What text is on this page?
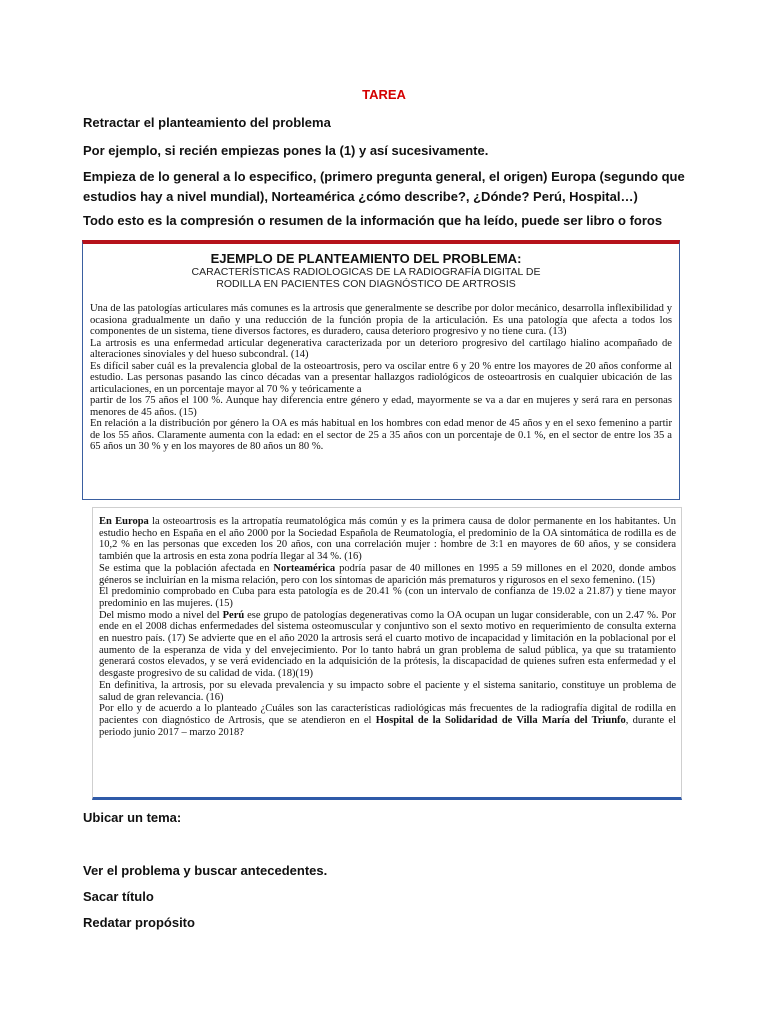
TAREA
Retractar el planteamiento del problema
Por ejemplo, si recién empiezas pones la (1) y así sucesivamente.
Empieza de lo general a lo especifico, (primero pregunta general, el origen) Europa (segundo que estudios hay a nivel mundial), Norteamérica ¿cómo describe?, ¿Dónde? Perú, Hospital…)
Todo esto es la compresión o resumen de la información que ha leído, puede ser libro o foros
EJEMPLO DE PLANTEAMIENTO DEL PROBLEMA:
CARACTERÍSTICAS RADIOLOGICAS DE LA RADIOGRAFÍA DIGITAL DE
RODILLA EN PACIENTES CON DIAGNÓSTICO DE ARTROSIS
Una de las patologías articulares más comunes es la artrosis que generalmente se describe por dolor mecánico, desarrolla inflexibilidad y ocasiona gradualmente un daño y una reducción de la función propia de la articulación. Es una patología que afecta a todos los componentes de un sistema, tiene diversos factores, es duradero, causa deterioro progresivo y no tiene cura. (13)
La artrosis es una enfermedad articular degenerativa caracterizada por un deterioro progresivo del cartílago hialino acompañado de alteraciones sinoviales y del hueso subcondral. (14)
Es difícil saber cuál es la prevalencia global de la osteoartrosis, pero va oscilar entre 6 y 20 % entre los mayores de 20 años conforme al estudio. Las personas pasando las cinco décadas van a presentar hallazgos radiológicos de osteoartrosis en cualquier ubicación de las articulaciones, en un porcentaje mayor al 70 % y teóricamente a
partir de los 75 años el 100 %. Aunque hay diferencia entre género y edad, mayormente se va a dar en mujeres y será rara en personas menores de 45 años. (15)
En relación a la distribución por género la OA es más habitual en los hombres con edad menor de 45 años y en el sexo femenino a partir de los 55 años. Claramente aumenta con la edad: en el sector de 25 a 35 años con un porcentaje de 0.1 %, en el sector de entre los 35 a 65 años un 30 % y en los mayores de 80 años un 80 %.
En Europa la osteoartrosis es la artropatía reumatológica más común y es la primera causa de dolor permanente en los habitantes. Un estudio hecho en España en el año 2000 por la Sociedad Española de Reumatología, el predominio de la OA sintomática de rodilla es de 10,2 % en las personas que exceden los 20 años, con una correlación mujer : hombre de 3:1 en mayores de 60 años, y se considera también que la artrosis en esta zona podría llegar al 34 %. (16)
Se estima que la población afectada en Norteamérica podría pasar de 40 millones en 1995 a 59 millones en el 2020, donde ambos géneros se incluirían en la misma relación, pero con los síntomas de aparición más prematuros y rigurosos en el sexo femenino. (15)
El predominio comprobado en Cuba para esta patología es de 20.41 % (con un intervalo de confianza de 19.02 a 21.87) y tiene mayor predominio en las mujeres. (15)
Del mismo modo a nivel del Perú ese grupo de patologías degenerativas como la OA ocupan un lugar considerable, con un 2.47 %. Por ende en el 2008 dichas enfermedades del sistema osteomuscular y conjuntivo son el sexto motivo en requerimiento de consulta externa en nuestro país. (17) Se advierte que en el año 2020 la artrosis será el cuarto motivo de incapacidad y limitación en la poblacional por el aumento de la esperanza de vida y del envejecimiento. Por lo tanto habrá un gran problema de salud pública, ya que su tratamiento generará costos elevados, y se verá evidenciado en la adquisición de la prótesis, la discapacidad de quienes sufren esta enfermedad y el desgaste progresivo de su calidad de vida. (18)(19)
En definitiva, la artrosis, por su elevada prevalencia y su impacto sobre el paciente y el sistema sanitario, constituye un problema de salud de gran relevancia. (16)
Por ello y de acuerdo a lo planteado ¿Cuáles son las características radiológicas más frecuentes de la radiografía digital de rodilla en pacientes con diagnóstico de Artrosis, que se atendieron en el Hospital de la Solidaridad de Villa María del Triunfo, durante el periodo junio 2017 – marzo 2018?
Ubicar un tema:
Ver el problema y buscar antecedentes.
Sacar título
Redatar propósito
